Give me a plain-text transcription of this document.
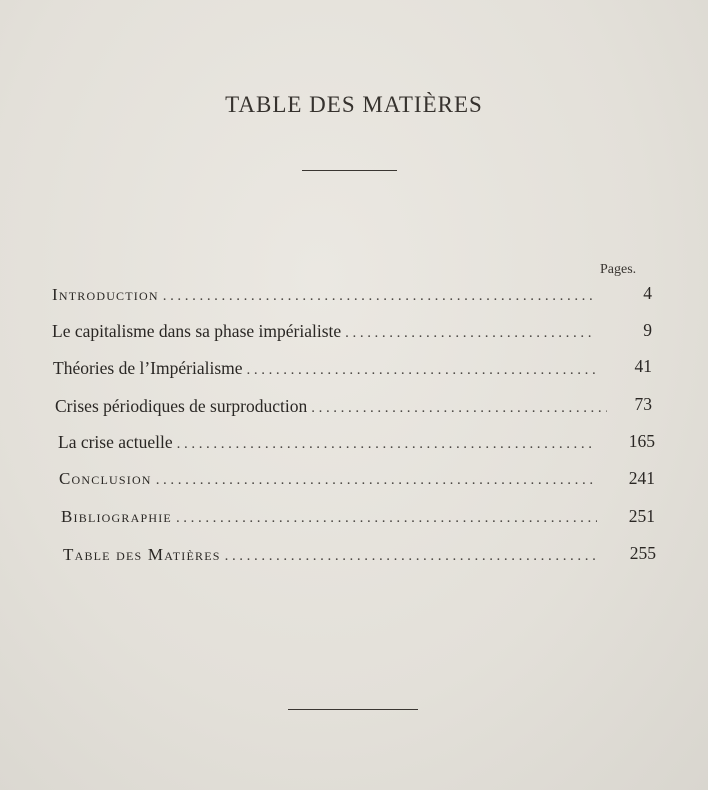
TABLE DES MATIÈRES
Pages.
Introduction .....	4
Le capitalisme dans sa phase impérialiste .....	9
Théories de l’Impérialisme .....	41
Crises périodiques de surproduction .....	73
La crise actuelle .....	165
Conclusion .....	241
Bibliographie .....	251
Table des Matières .....	255
